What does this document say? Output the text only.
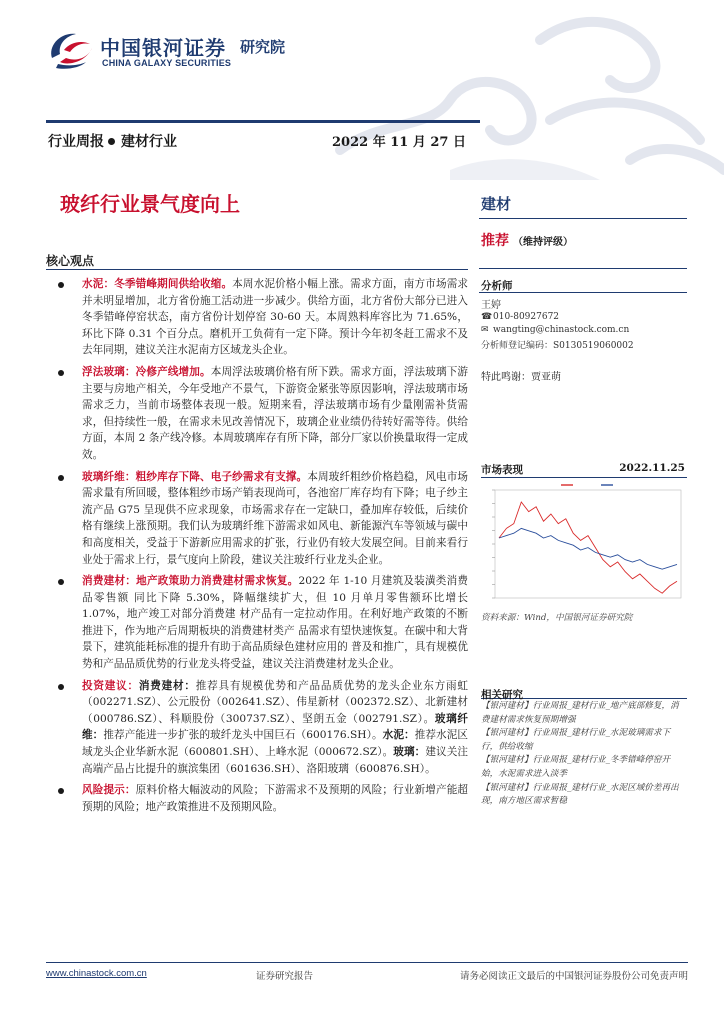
中国银河证券 研究院
CHINA GALAXY SECURITIES
行业周报 建材行业	2022 年 11 月 27 日
玻纤行业景气度向上
核心观点
水泥：冬季错峰期间供给收缩。本周水泥价格小幅上涨。需求方面，南方市场需求并未明显增加，北方省份施工活动进一步减少。供给方面，北方省份大部分已进入冬季错峰停窑状态，南方省份计划停窑 30-60 天。本周熟料库容比为 71.65%，环比下降 0.31 个百分点。磨机开工负荷有一定下降。预计今年初冬赶工需求不及去年同期，建议关注水泥南方区域龙头企业。
浮法玻璃：冷修产线增加。本周浮法玻璃价格有所下跌。需求方面，浮法玻璃下游主要与房地产相关，今年受地产不景气，下游资金紧张等原因影响，浮法玻璃市场需求乏力，当前市场整体表现一般。短期来看，浮法玻璃市场有少量刚需补货需求，但持续性一般，在需求未见改善情况下，玻璃企业业绩仍待转好需等待。供给方面，本周 2 条产线冷修。本周玻璃库存有所下降，部分厂家以价换量取得一定成效。
玻璃纤维：粗纱库存下降、电子纱需求有支撑。本周玻纤粗纱价格趋稳，风电市场需求量有所回暖，整体粗纱市场产销表现尚可，各池窑厂库存均有下降；电子纱主流产品 G75 呈现供不应求现象，市场需求存在一定缺口，叠加库存较低，后续价格有继续上涨预期。我们认为玻璃纤维下游需求如风电、新能源汽车等领域与碳中和高度相关，受益于下游新应用需求的扩张，行业仍有较大发展空间。目前来看行业处于需求上行，景气度向上阶段，建议关注玻纤行业龙头企业。
消费建材：地产政策助力消费建材需求恢复。2022 年 1-10 月建筑及装潢类消费品零售额 同比下降 5.30%，降幅继续扩大，但 10 月单月零售额环比增长 1.07%，地产竣工对部分消费建 材产品有一定拉动作用。在利好地产政策的不断推进下，作为地产后周期板块的消费建材类产 品需求有望快速恢复。在碳中和大背景下，建筑能耗标准的提升有助于高品质绿色建材应用的 普及和推广，具有规模优势和产品品质优势的行业龙头将受益，建议关注消费建材龙头企业。
投资建议：消费建材：推荐具有规模优势和产品品质优势的龙头企业东方雨虹（002271.SZ）、公元股份（002641.SZ）、伟星新材（002372.SZ）、北新建材（000786.SZ）、科顺股份（300737.SZ）、坚朗五金（002791.SZ）。玻璃纤维：推荐产能进一步扩张的玻纤龙头中国巨石（600176.SH）。水泥：推荐水泥区域龙头企业华新水泥（600801.SH）、上峰水泥（000672.SZ）。玻璃：建议关注高端产品占比提升的旗滨集团（601636.SH）、洛阳玻璃（600876.SH）。
风险提示：原料价格大幅波动的风险；下游需求不及预期的风险；行业新增产能超预期的风险；地产政策推进不及预期风险。
建材
推荐 （维持评级）
分析师
王婷
☎010-80927672
✉ wangting@chinastock.com.cn
分析师登记编码：S0130519060002
特此鸣谢：贾亚萌
市场表现	2022.11.25
资料来源：Wind，中国银河证券研究院
相关研究
【银河建材】行业周报_建材行业_地产底部修复，消费建材需求恢复预期增强
【银河建材】行业周报_建材行业_水泥玻璃需求下行，供给收缩
【银河建材】行业周报_建材行业_冬季错峰停窑开始，水泥需求进入淡季
【银河建材】行业周报_建材行业_水泥区域价差再出现，南方地区需求暂稳
www.chinastock.com.cn	证券研究报告	请务必阅读正文最后的中国银河证券股份公司免责声明
